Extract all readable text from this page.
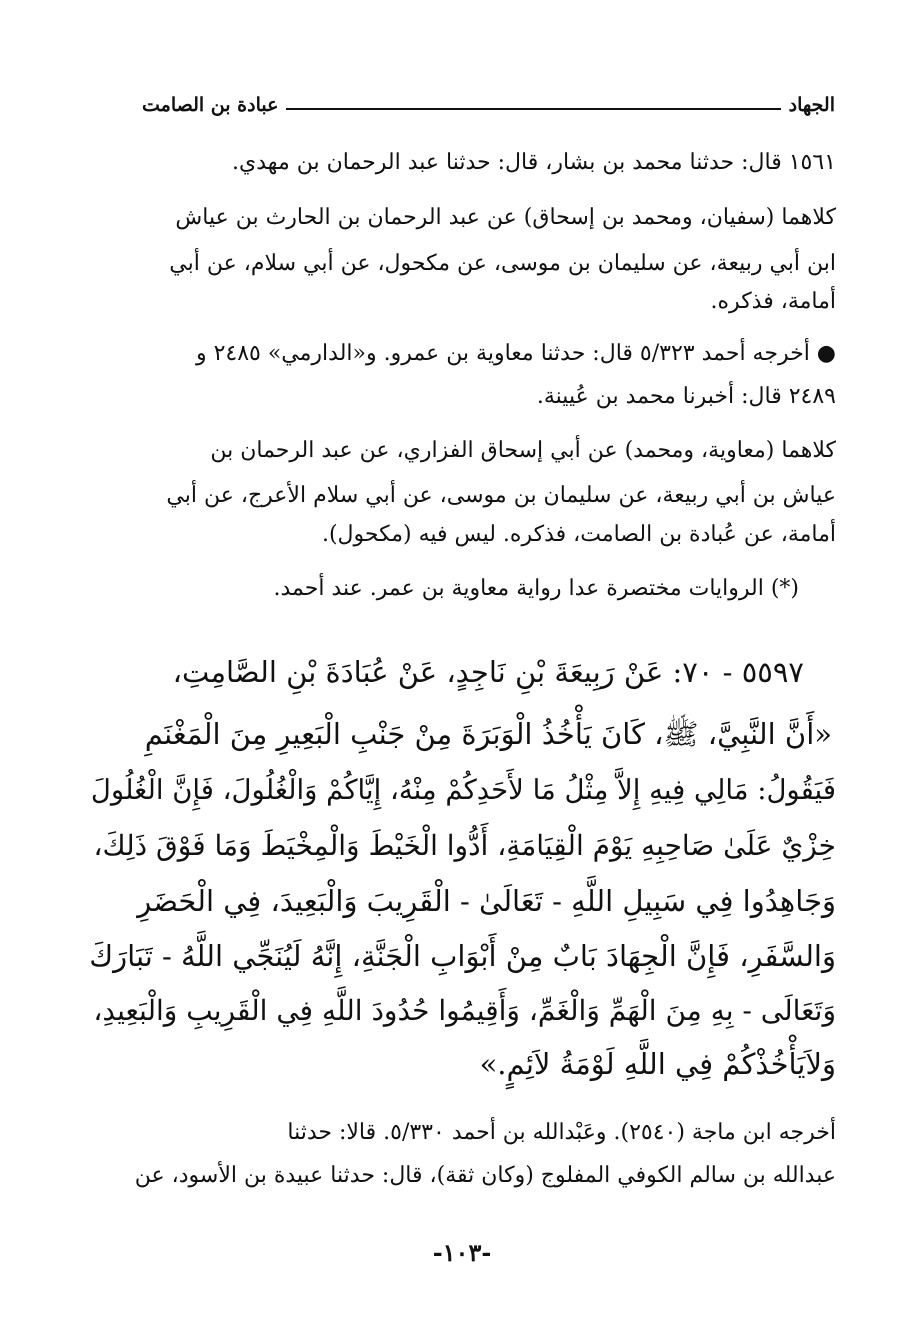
الجهاد
عبادة بن الصامت
١٥٦١ قال: حدثنا محمد بن بشار، قال: حدثنا عبد الرحمان بن مهدي.
كلاهما (سفيان، ومحمد بن إسحاق) عن عبد الرحمان بن الحارث بن عياش
ابن أبي ربيعة، عن سليمان بن موسى، عن مكحول، عن أبي سلام، عن أبي
أمامة، فذكره.
● أخرجه أحمد ٥/٣٢٣ قال: حدثنا معاوية بن عمرو. و«الدارمي» ٢٤٨٥ و
٢٤٨٩ قال: أخبرنا محمد بن عُيينة.
كلاهما (معاوية، ومحمد) عن أبي إسحاق الفزاري، عن عبد الرحمان بن
عياش بن أبي ربيعة، عن سليمان بن موسى، عن أبي سلام الأعرج، عن أبي
أمامة، عن عُبادة بن الصامت، فذكره. ليس فيه (مكحول).
(*) الروايات مختصرة عدا رواية معاوية بن عمر. عند أحمد.
٥٥٩٧ - ٧٠: عَنْ رَبِيعَةَ بْنِ نَاجِدٍ، عَنْ عُبَادَةَ بْنِ الصَّامِتِ،
«أَنَّ النَّبِيَّ، ﷺ، كَانَ يَأْخُذُ الْوَبَرَةَ مِنْ جَنْبِ الْبَعِيرِ مِنَ الْمَغْنَمِ
فَيَقُولُ: مَالِي فِيهِ إِلاَّ مِثْلُ مَا لأَحَدِكُمْ مِنْهُ، إِيَّاكُمْ وَالْغُلُولَ، فَإِنَّ الْغُلُولَ
خِزْيٌ عَلَىٰ صَاحِبِهِ يَوْمَ الْقِيَامَةِ، أَدُّوا الْخَيْطَ وَالْمِخْيَطَ وَمَا فَوْقَ ذَلِكَ،
وَجَاهِدُوا فِي سَبِيلِ اللَّهِ - تَعَالَىٰ - الْقَرِيبَ وَالْبَعِيدَ، فِي الْحَضَرِ
وَالسَّفَرِ، فَإِنَّ الْجِهَادَ بَابٌ مِنْ أَبْوَابِ الْجَنَّةِ، إِنَّهُ لَيُنَجِّي اللَّهُ - تَبَارَكَ
وَتَعَالَى - بِهِ مِنَ الْهَمِّ وَالْغَمِّ، وَأَقِيمُوا حُدُودَ اللَّهِ فِي الْقَرِيبِ وَالْبَعِيدِ،
وَلاَيَأْخُذْكُمْ فِي اللَّهِ لَوْمَةُ لاَئِمٍ.»
أخرجه ابن ماجة (٢٥٤٠). وعَبْدالله بن أحمد ٥/٣٣٠. قالا: حدثنا
عبدالله بن سالم الكوفي المفلوج (وكان ثقة)، قال: حدثنا عبيدة بن الأسود، عن
-١٠٣-
